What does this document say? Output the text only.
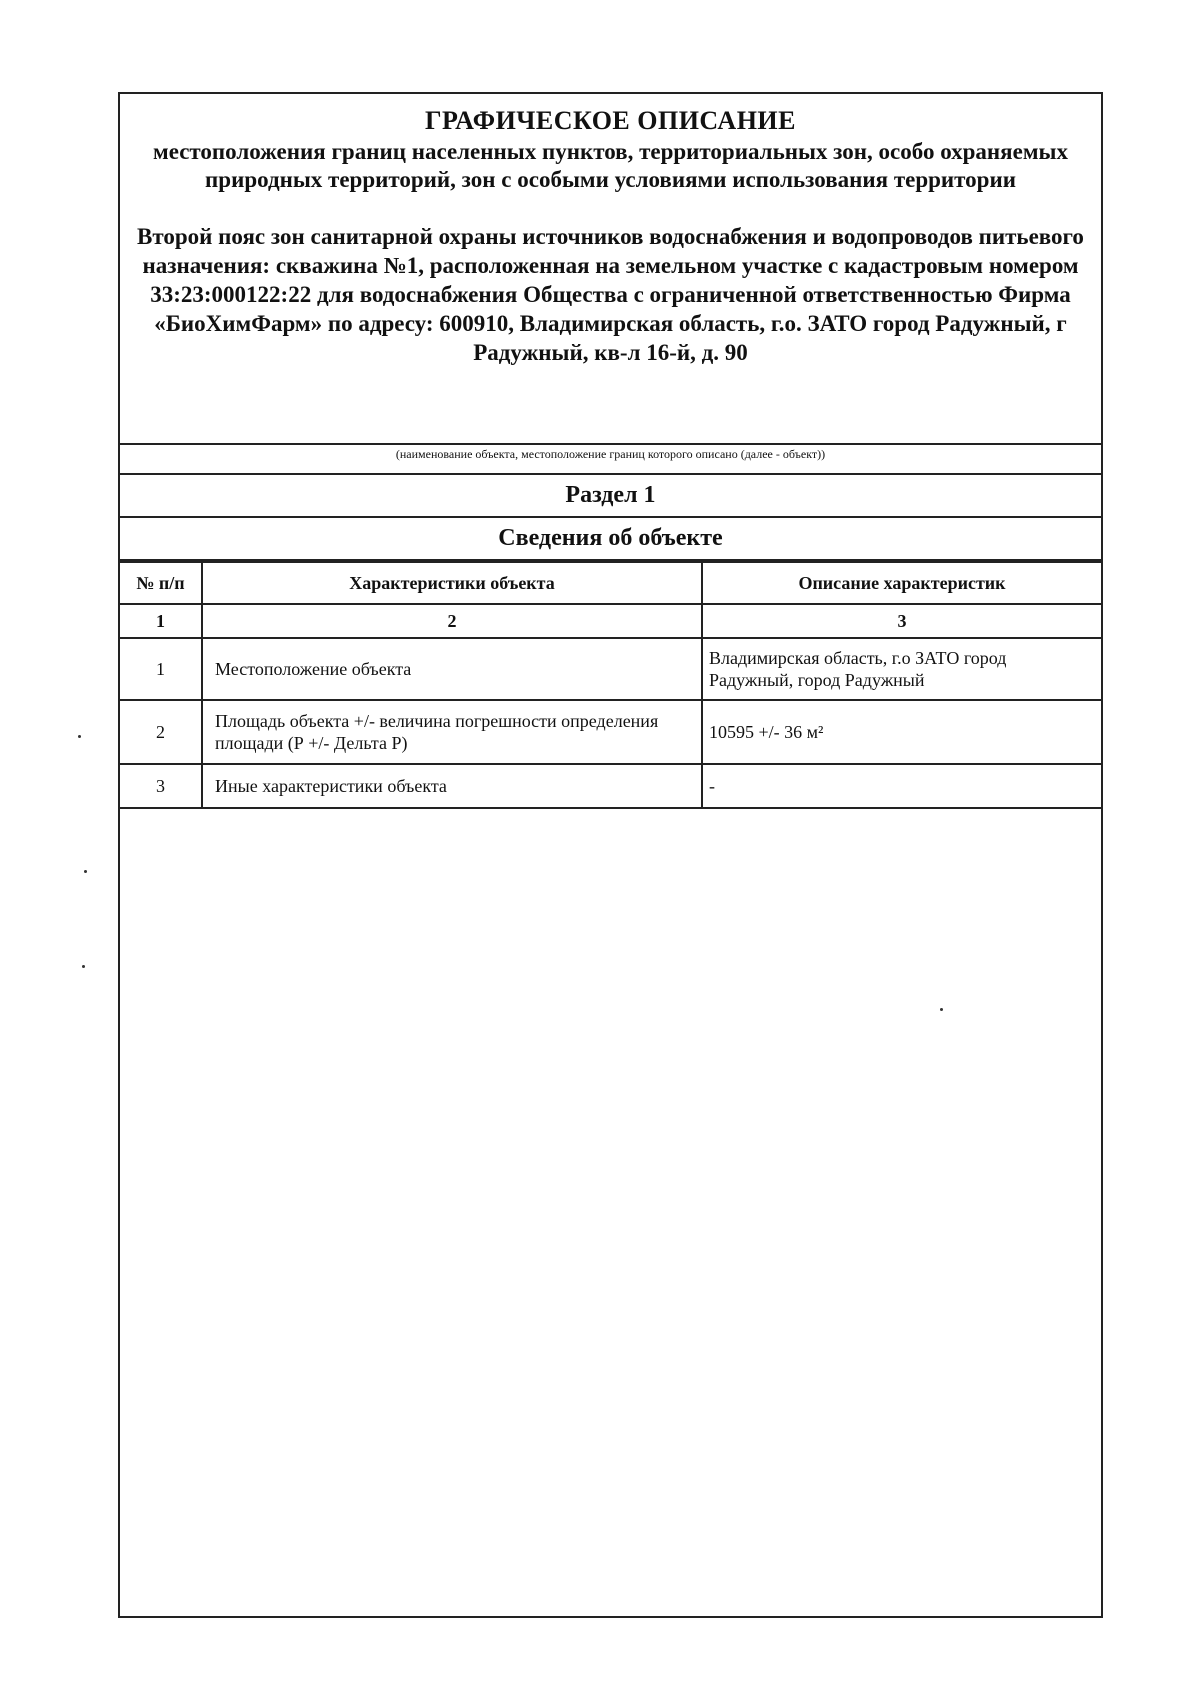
ГРАФИЧЕСКОЕ ОПИСАНИЕ
местоположения границ населенных пунктов, территориальных зон, особо охраняемых природных территорий, зон с особыми условиями использования территории
Второй пояс зон санитарной охраны источников водоснабжения и водопроводов питьевого назначения: скважина №1, расположенная на земельном участке с кадастровым номером 33:23:000122:22 для водоснабжения Общества с ограниченной ответственностью Фирма «БиоХимФарм» по адресу: 600910, Владимирская область, г.о. ЗАТО город Радужный, г Радужный, кв-л 16-й, д. 90
(наименование объекта, местоположение границ которого описано (далее - объект))
Раздел 1
Сведения об объекте
№ п/п	Характеристики объекта	Описание характеристик
1	2	3
1	Местоположение объекта	Владимирская область, г.о ЗАТО город Радужный, город Радужный
2	Площадь объекта +/- величина погрешности определения площади (Р +/- Дельта Р)	10595 +/- 36 м²
3	Иные характеристики объекта	-
